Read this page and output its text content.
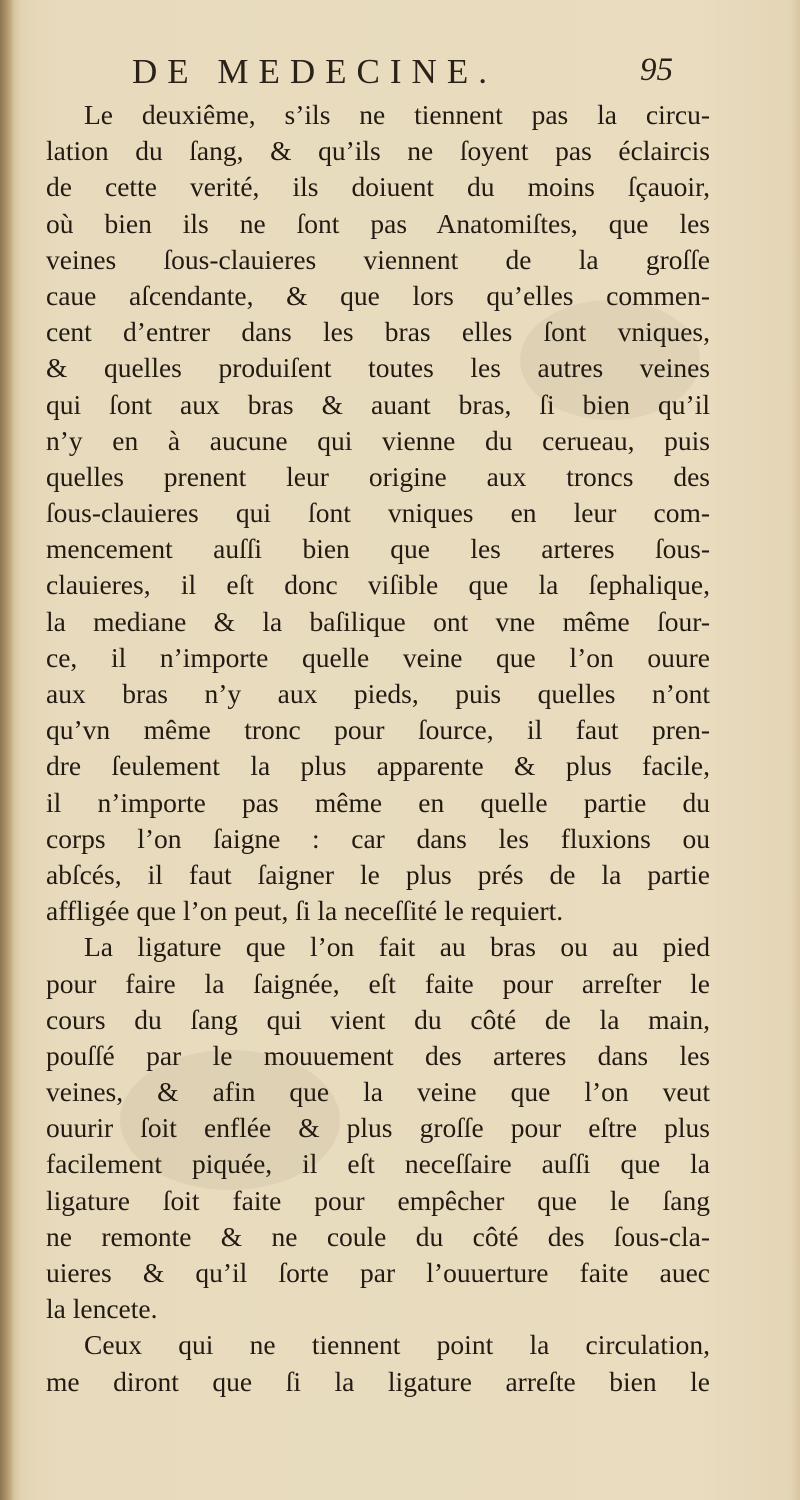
DE MEDECINE.	95
Le deuxiême, s’ils ne tiennent pas la circu-
lation du ſang, & qu’ils ne ſoyent pas éclaircis
de cette verité, ils doiuent du moins ſçauoir,
où bien ils ne ſont pas Anatomiſtes, que les
veines ſous-clauieres viennent de la groſſe
caue aſcendante, & que lors qu’elles commen-
cent d’entrer dans les bras elles ſont vniques,
& quelles produiſent toutes les autres veines
qui ſont aux bras & auant bras, ſi bien qu’il
n’y en à aucune qui vienne du cerueau, puis
quelles prenent leur origine aux troncs des
ſous-clauieres qui ſont vniques en leur com-
mencement auſſi bien que les arteres ſous-
clauieres, il eſt donc viſible que la ſephalique,
la mediane & la baſilique ont vne même ſour-
ce, il n’importe quelle veine que l’on ouure
aux bras n’y aux pieds, puis quelles n’ont
qu’vn même tronc pour ſource, il faut pren-
dre ſeulement la plus apparente & plus facile,
il n’importe pas même en quelle partie du
corps l’on ſaigne : car dans les fluxions ou
abſcés, il faut ſaigner le plus prés de la partie
affligée que l’on peut, ſi la neceſſité le requiert.
La ligature que l’on fait au bras ou au pied
pour faire la ſaignée, eſt faite pour arreſter le
cours du ſang qui vient du côté de la main,
pouſſé par le mouuement des arteres dans les
veines, & afin que la veine que l’on veut
ouurir ſoit enflée & plus groſſe pour eſtre plus
facilement piquée, il eſt neceſſaire auſſi que la
ligature ſoit faite pour empêcher que le ſang
ne remonte & ne coule du côté des ſous-cla-
uieres & qu’il ſorte par l’ouuerture faite auec
la lencete.
Ceux qui ne tiennent point la circulation,
me diront que ſi la ligature arreſte bien le
